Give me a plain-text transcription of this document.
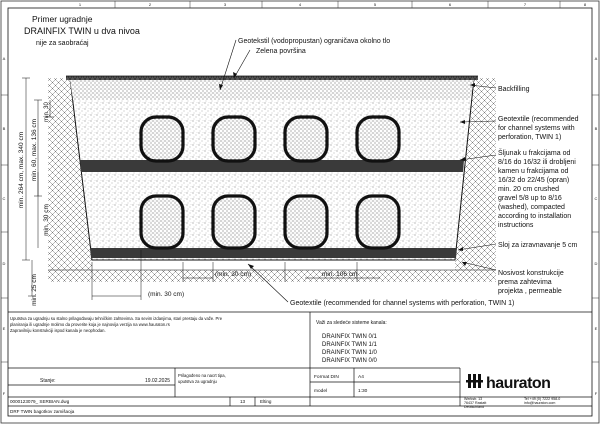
1	2	3	4	5	6	7	8
A
B
C
D
E
F
A
B
C
D
E
F
Primer ugradnje
DRAINFIX TWIN u dva nivoa
nije za saobraćaj
min. 264 cm, max. 340 cm min. 60, max. 136 cm
min. 30
min. 30 cm
min. 25 cm	(min. 30 cm)
(min. 30 cm)	min. 106 cm
Geotekstil (vodopropustan) ograničava okolno tlo
Zelena površina
Backfilling
Geotextile (recommended
for channel systems with
perforation, TWIN 1)
Šljunak u frakcijama od
8/16 do 16/32 ili drobljeni
kamen u frakcijama od
16/32 do 22/45 (opran)
min. 20 cm crushed
gravel 5/8 up to 8/16
(washed), compacted
according to installation
instructions
Sloj za izravnavanje 5 cm
Nosivost konstrukcije
prema zahtevima
projekta , permeable
Geotextile (recommended for channel systems with perforation, TWIN 1)
Uputstva za ugradnju su stalno prilagođavaju tehničkim zahtevima. Sa sevim izdanjima, stari prestaju da važe. Pre
planiranja ili ugradnje molimo da proverite koja je najnovija verzija na www.hauraton.rs
Zapravilniju konstrukciji ispod kanala je neophodan.
Važi za sledeće sisteme kanala:
DRAINFIX TWIN 0/1
DRAINFIX TWIN 1/1
DRAINFIX TWIN 1/0
DRAINFIX TWIN 0/0
Stanje:	19.02.2025
Prilagođeno na nacrt tipa,
uputstva za ugradnju
Format DIN	A4
model	1:30
0000123079_ SERBIAN.dwg	13	Elting
DRF TWIN bagotkov zamišaoja
hauraton
Werkstr. 13
76437 Rastatt
Deutschland
Tel +49 (0) 7222 958-0
info@hauraton.com
